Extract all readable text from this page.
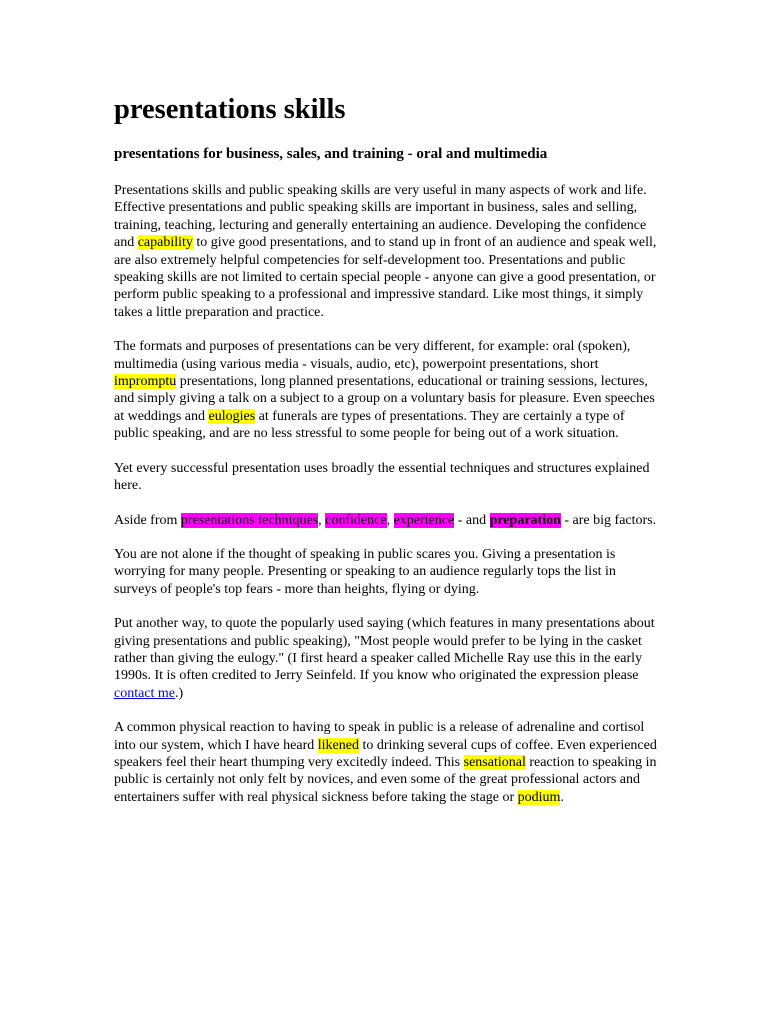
presentations skills
presentations for business, sales, and training - oral and multimedia

Presentations skills and public speaking skills are very useful in many aspects of work and life. Effective presentations and public speaking skills are important in business, sales and selling, training, teaching, lecturing and generally entertaining an audience. Developing the confidence and capability to give good presentations, and to stand up in front of an audience and speak well, are also extremely helpful competencies for self-development too. Presentations and public speaking skills are not limited to certain special people - anyone can give a good presentation, or perform public speaking to a professional and impressive standard. Like most things, it simply takes a little preparation and practice.

The formats and purposes of presentations can be very different, for example: oral (spoken), multimedia (using various media - visuals, audio, etc), powerpoint presentations, short impromptu presentations, long planned presentations, educational or training sessions, lectures, and simply giving a talk on a subject to a group on a voluntary basis for pleasure. Even speeches at weddings and eulogies at funerals are types of presentations. They are certainly a type of public speaking, and are no less stressful to some people for being out of a work situation.

Yet every successful presentation uses broadly the essential techniques and structures explained here.

Aside from presentations techniques, confidence, experience - and preparation - are big factors.

You are not alone if the thought of speaking in public scares you. Giving a presentation is worrying for many people. Presenting or speaking to an audience regularly tops the list in surveys of people's top fears - more than heights, flying or dying.

Put another way, to quote the popularly used saying (which features in many presentations about giving presentations and public speaking), "Most people would prefer to be lying in the casket rather than giving the eulogy." (I first heard a speaker called Michelle Ray use this in the early 1990s. It is often credited to Jerry Seinfeld. If you know who originated the expression please contact me.)

A common physical reaction to having to speak in public is a release of adrenaline and cortisol into our system, which I have heard likened to drinking several cups of coffee. Even experienced speakers feel their heart thumping very excitedly indeed. This sensational reaction to speaking in public is certainly not only felt by novices, and even some of the great professional actors and entertainers suffer with real physical sickness before taking the stage or podium.
